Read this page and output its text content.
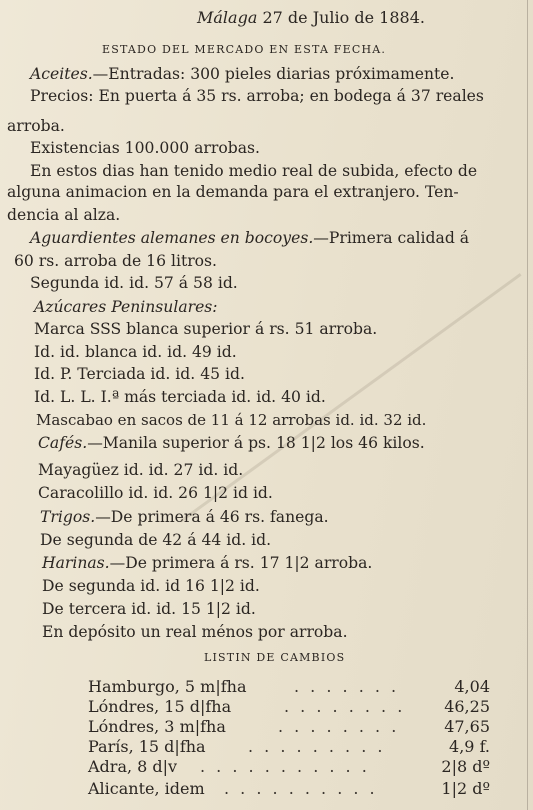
Málaga 27 de Julio de 1884.
ESTADO DEL MERCADO EN ESTA FECHA.
Aceites.—Entradas: 300 pieles diarias próximamente.
Precios: En puerta á 35 rs. arroba; en bodega á 37 reales
arroba.
Existencias 100.000 arrobas.
En estos dias han tenido medio real de subida, efecto de
alguna animacion en la demanda para el extranjero. Ten-
dencia al alza.
Aguardientes alemanes en bocoyes.—Primera calidad á
60 rs. arroba de 16 litros.
Segunda id. id. 57 á 58 id.
Azúcares Peninsulares:
Marca SSS blanca superior á rs. 51 arroba.
Id. id. blanca id. id. 49 id.
Id. P. Terciada id. id. 45 id.
Id. L. L. I.ª más terciada id. id. 40 id.
Mascabao en sacos de 11 á 12 arrobas id. id. 32 id.
Cafés.—Manila superior á ps. 18 1|2 los 46 kilos.
Mayagüez id. id. 27 id. id.
Caracolillo id. id. 26 1|2 id id.
Trigos.—De primera á 46 rs. fanega.
De segunda de 42 á 44 id. id.
Harinas.—De primera á rs. 17 1|2 arroba.
De segunda id. id 16 1|2 id.
De tercera id. id. 15 1|2 id.
En depósito un real ménos por arroba.
LISTIN DE CAMBIOS
Hamburgo, 5 m|fha	. . . . . . .	4,04
Lóndres, 15 d|fha	. . . . . . . . 46,25
Lóndres, 3 m|fha	. . . . . . . .	47,65
París, 15 d|fha	. . . . . . . . .	4,9 f.
Adra, 8 d|v . . . . . . . . . . .	2|8 dº
Alicante, idem . . . . . . . . . .	1|2 dº
